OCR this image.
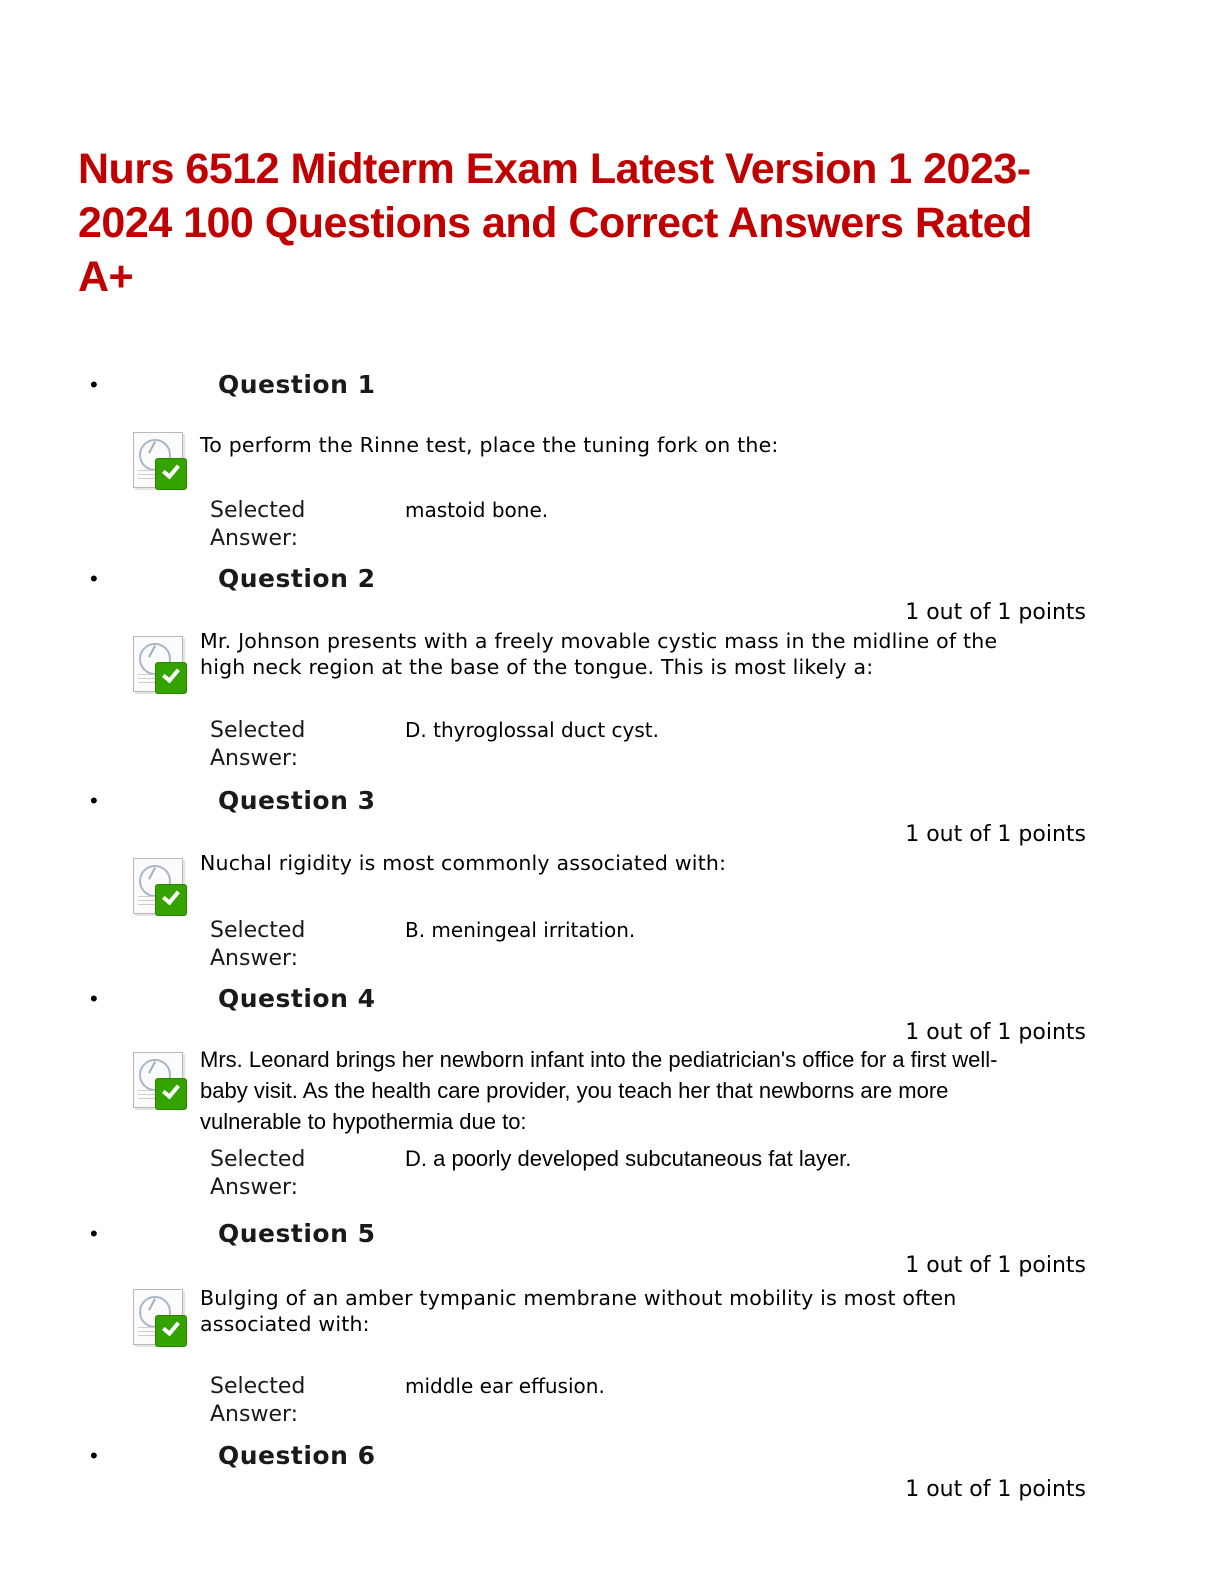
Nurs 6512 Midterm Exam Latest Version 1 2023-2024 100 Questions and Correct Answers Rated A+
•	Question 1
To perform the Rinne test, place the tuning fork on the:
Selected Answer:
mastoid bone.
•	Question 2
1 out of 1 points
Mr. Johnson presents with a freely movable cystic mass in the midline of the high neck region at the base of the tongue. This is most likely a:
Selected Answer:
D. thyroglossal duct cyst.
•	Question 3
1 out of 1 points
Nuchal rigidity is most commonly associated with:
Selected Answer:
B. meningeal irritation.
•	Question 4
1 out of 1 points
Mrs. Leonard brings her newborn infant into the pediatrician's office for a first well-baby visit. As the health care provider, you teach her that newborns are more vulnerable to hypothermia due to:
Selected Answer:
D. a poorly developed subcutaneous fat layer.
•	Question 5
1 out of 1 points
Bulging of an amber tympanic membrane without mobility is most often associated with:
Selected Answer:
middle ear effusion.
•	Question 6
1 out of 1 points
